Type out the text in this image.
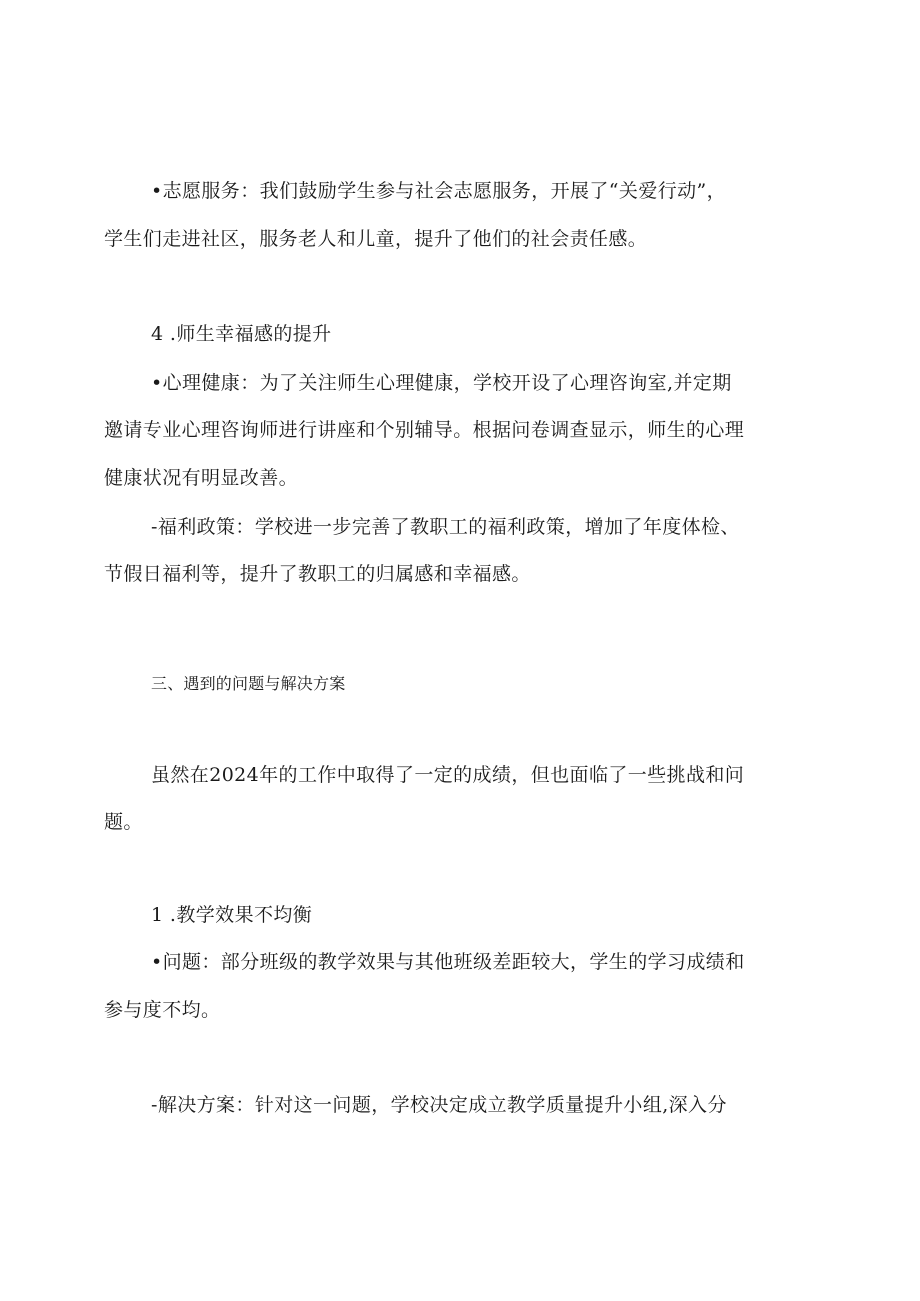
•志愿服务：我们鼓励学生参与社会志愿服务，开展了“关爱行动”，
学生们走进社区，服务老人和儿童，提升了他们的社会责任感。
4 .师生幸福感的提升
•心理健康：为了关注师生心理健康，学校开设了心理咨询室,并定期
邀请专业心理咨询师进行讲座和个别辅导。根据问卷调查显示，师生的心理
健康状况有明显改善。
-福利政策：学校进一步完善了教职工的福利政策，增加了年度体检、
节假日福利等，提升了教职工的归属感和幸福感。
三、遇到的问题与解决方案
虽然在2024年的工作中取得了一定的成绩，但也面临了一些挑战和问
题。
1 .教学效果不均衡
•问题：部分班级的教学效果与其他班级差距较大，学生的学习成绩和
参与度不均。
-解决方案：针对这一问题，学校决定成立教学质量提升小组,深入分
